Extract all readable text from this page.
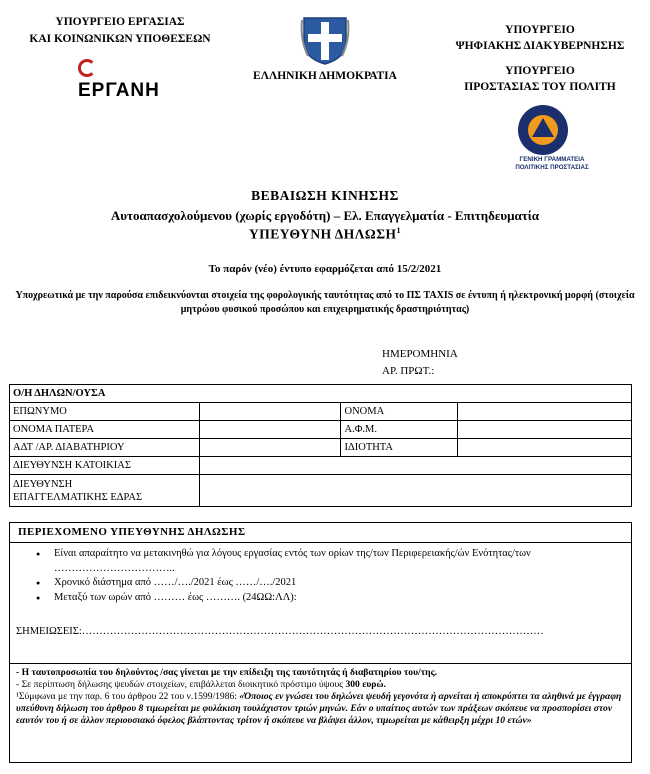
ΥΠΟΥΡΓΕΙΟ ΕΡΓΑΣΙΑΣ
ΚΑΙ ΚΟΙΝΩΝΙΚΩΝ ΥΠΟΘΕΣΕΩΝ
ΕΡΓΑΝΗ
ΕΛΛΗΝΙΚΗ ΔΗΜΟΚΡΑΤΙΑ
ΥΠΟΥΡΓΕΙΟ
ΨΗΦΙΑΚΗΣ ΔΙΑΚΥΒΕΡΝΗΣΗΣ
ΥΠΟΥΡΓΕΙΟ
ΠΡΟΣΤΑΣΙΑΣ ΤΟΥ ΠΟΛΙΤΗ
ΓΕΝΙΚΗ ΓΡΑΜΜΑΤΕΙΑ
ΠΟΛΙΤΙΚΗΣ ΠΡΟΣΤΑΣΙΑΣ
ΒΕΒΑΙΩΣΗ ΚΙΝΗΣΗΣ
Αυτοαπασχολούμενου (χωρίς εργοδότη) – Ελ. Επαγγελματία - Επιτηδευματία
ΥΠΕΥΘΥΝΗ ΔΗΛΩΣΗ$^1$
Το παρόν (νέο) έντυπο εφαρμόζεται από 15/2/2021
Υποχρεωτικά με την παρούσα επιδεικνύονται στοιχεία της φορολογικής ταυτότητας από το ΠΣ TAXIS σε έντυπη ή ηλεκτρονική μορφή (στοιχεία μητρώου φυσικού προσώπου και επιχειρηματικής δραστηριότητας)
ΗΜΕΡΟΜΗΝΙΑ
ΑΡ. ΠΡΩΤ.:
Ο/Η ΔΗΛΩΝ/ΟΥΣΑ			
ΕΠΩΝΥΜΟ		ΟΝΟΜΑ	
ΟΝΟΜΑ ΠΑΤΕΡΑ		Α.Φ.Μ.	
ΑΔΤ /ΑΡ. ΔΙΑΒΑΤΗΡΙΟΥ		ΙΔΙΟΤΗΤΑ	
ΔΙΕΥΘΥΝΣΗ ΚΑΤΟΙΚΙΑΣ			

ΔΙΕΥΘΥΝΣΗ
ΕΠΑΓΓΕΛΜΑΤΙΚΗΣ ΕΔΡΑΣ			

ΠΕΡΙΕΧΟΜΕΝΟ ΥΠΕΥΘΥΝΗΣ ΔΗΛΩΣΗΣ
● Είναι απαραίτητο να μετακινηθώ για λόγους εργασίας εντός των ορίων της/των Περιφερειακής/ών Ενότητας/των ……………………………..
● Χρονικό διάστημα από ……/…./2021 έως ……/…./2021
● Μεταξύ των ωρών από ……… έως ………. (24ΩΩ:ΛΛ):
ΣΗΜΕΙΩΣΕΙΣ:……………………………………………………………………………………………………………………
- Η ταυτοπροσωπία του δηλούντος /σας γίνεται με την επίδειξη της ταυτότητάς ή διαβατηρίου του/της.
- Σε περίπτωση δήλωσης ψευδών στοιχείων, επιβάλλεται διοικητικό πρόστιμο ύψους 300 ευρώ.
¹Σύμφωνα με την παρ. 6 του άρθρου 22 του ν.1599/1986: «Όποιος εν γνώσει του δηλώνει ψευδή γεγονότα ή αρνείται ή αποκρύπτει τα αληθινά με έγγραφη υπεύθυνη δήλωση του άρθρου 8 τιμωρείται με φυλάκιση τουλάχιστον τριών μηνών. Εάν ο υπαίτιος αυτών των πράξεων σκόπευε να προσπορίσει στον εαυτόν του ή σε άλλον περιουσιακό όφελος βλάπτοντας τρίτον ή σκόπευε να βλάψει άλλον, τιμωρείται με κάθειρξη μέχρι 10 ετών»
